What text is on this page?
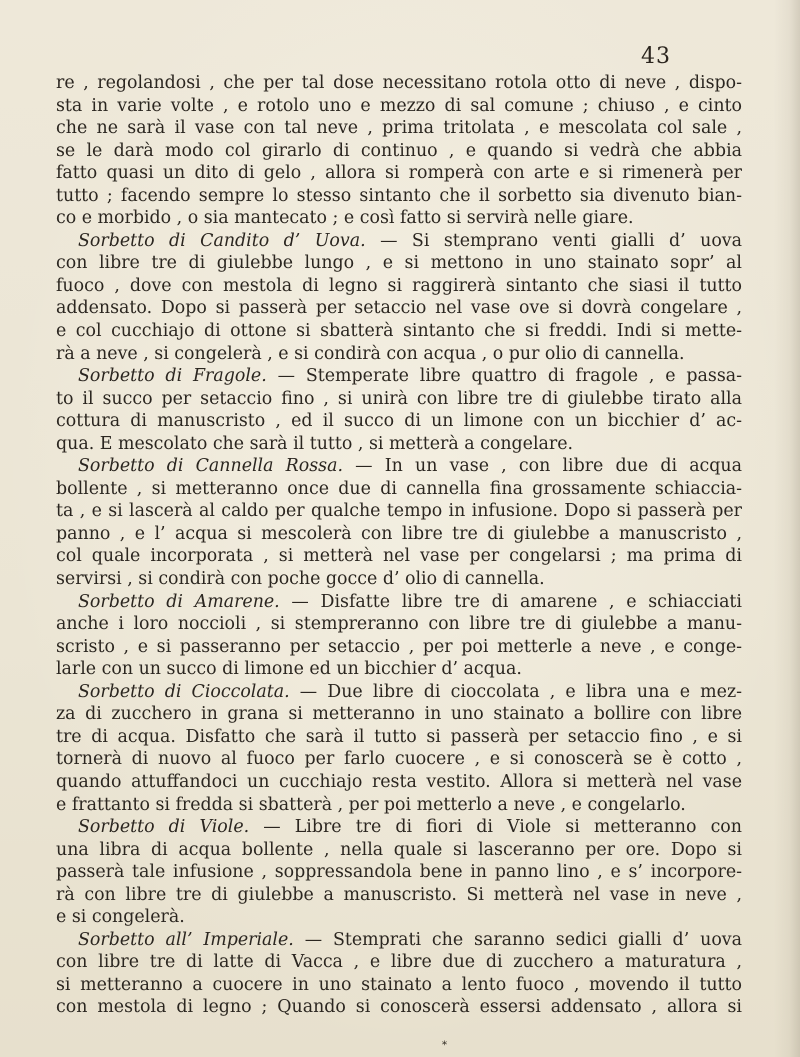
43
re , regolandosi , che per tal dose necessitano rotola otto di neve , dispo-
sta in varie volte , e rotolo uno e mezzo di sal comune ; chiuso , e cinto
che ne sarà il vase con tal neve , prima tritolata , e mescolata col sale ,
se le darà modo col girarlo di continuo , e quando si vedrà che abbia
fatto quasi un dito di gelo , allora si romperà con arte e si rimenerà per
tutto ; facendo sempre lo stesso sintanto che il sorbetto sia divenuto bian-
co e morbido , o sia mantecato ; e così fatto si servirà nelle giare.
Sorbetto di Candito d’ Uova. — Si stemprano venti gialli d’ uova
con libre tre di giulebbe lungo , e si mettono in uno stainato sopr’ al
fuoco , dove con mestola di legno si raggirerà sintanto che siasi il tutto
addensato. Dopo si passerà per setaccio nel vase ove si dovrà congelare ,
e col cucchiajo di ottone si sbatterà sintanto che si freddi. Indi si mette-
rà a neve , si congelerà , e si condirà con acqua , o pur olio di cannella.
Sorbetto di Fragole. — Stemperate libre quattro di fragole , e passa-
to il succo per setaccio fino , si unirà con libre tre di giulebbe tirato alla
cottura di manuscristo , ed il succo di un limone con un bicchier d’ ac-
qua. E mescolato che sarà il tutto , si metterà a congelare.
Sorbetto di Cannella Rossa. — In un vase , con libre due di acqua
bollente , si metteranno once due di cannella fina grossamente schiaccia-
ta , e si lascerà al caldo per qualche tempo in infusione. Dopo si passerà per
panno , e l’ acqua si mescolerà con libre tre di giulebbe a manuscristo ,
col quale incorporata , si metterà nel vase per congelarsi ; ma prima di
servirsi , si condirà con poche gocce d’ olio di cannella.
Sorbetto di Amarene. — Disfatte libre tre di amarene , e schiacciati
anche i loro noccioli , si stempreranno con libre tre di giulebbe a manu-
scristo , e si passeranno per setaccio , per poi metterle a neve , e conge-
larle con un succo di limone ed un bicchier d’ acqua.
Sorbetto di Cioccolata. — Due libre di cioccolata , e libra una e mez-
za di zucchero in grana si metteranno in uno stainato a bollire con libre
tre di acqua. Disfatto che sarà il tutto si passerà per setaccio fino , e si
tornerà di nuovo al fuoco per farlo cuocere , e si conoscerà se è cotto ,
quando attuffandoci un cucchiajo resta vestito. Allora si metterà nel vase
e frattanto si fredda si sbatterà , per poi metterlo a neve , e congelarlo.
Sorbetto di Viole. — Libre tre di fiori di Viole si metteranno con
una libra di acqua bollente , nella quale si lasceranno per ore. Dopo si
passerà tale infusione , soppressandola bene in panno lino , e s’ incorpore-
rà con libre tre di giulebbe a manuscristo. Si metterà nel vase in neve ,
e si congelerà.
Sorbetto all’ Imperiale. — Stemprati che saranno sedici gialli d’ uova
con libre tre di latte di Vacca , e libre due di zucchero a maturatura ,
si metteranno a cuocere in uno stainato a lento fuoco , movendo il tutto
con mestola di legno ; Quando si conoscerà essersi addensato , allora si
*
